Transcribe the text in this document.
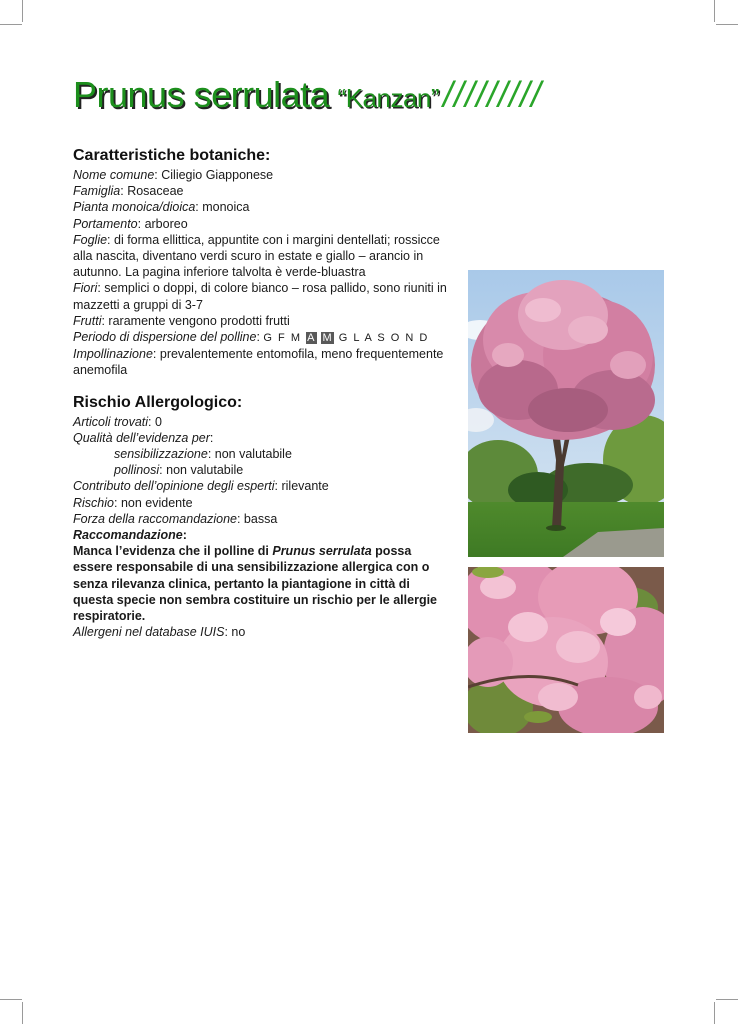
Prunus serrulata “Kanzan” /////////
Caratteristiche botaniche:

Nome comune: Ciliegio Giapponese

Famiglia: Rosaceae

Pianta monoica/dioica: monoica

Portamento: arboreo

Foglie: di forma ellittica, appuntite con i margini dentellati; rossicce alla nascita, diventano verdi scuro in estate e giallo – arancio in autunno. La pagina inferiore talvolta è verde-bluastra

Fiori: semplici o doppi, di colore bianco – rosa pallido, sono riuniti in mazzetti a gruppi di 3-7

Frutti: raramente vengono prodotti frutti

Periodo di dispersione del polline: G F M A M G L A S O N D

Impollinazione: prevalentemente entomofila, meno frequentemente anemofila

Rischio Allergologico:

Articoli trovati: 0

Qualità dell’evidenza per:

sensibilizzazione: non valutabile

pollinosi: non valutabile

Contributo dell’opinione degli esperti: rilevante

Rischio: non evidente

Forza della raccomandazione: bassa

Raccomandazione:

Manca l’evidenza che il polline di Prunus serrulata possa essere responsabile di una sensibilizzazione allergica con o senza rilevanza clinica, pertanto la piantagione in città di questa specie non sembra costituire un rischio per le allergie respiratorie.

Allergeni nel database IUIS: no
